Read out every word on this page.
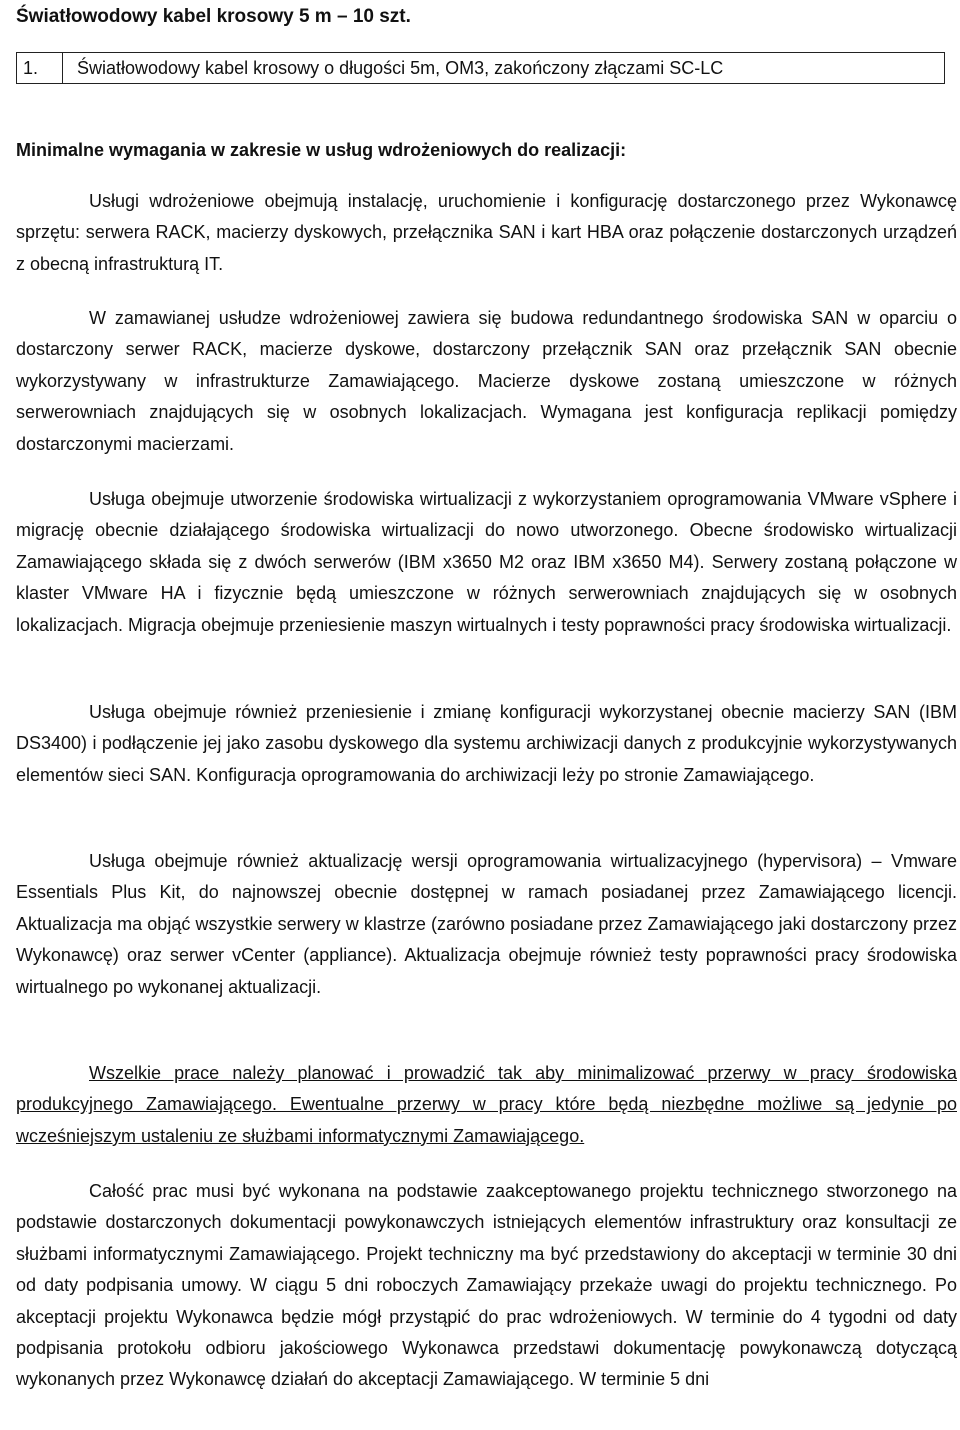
Światłowodowy kabel krosowy 5 m – 10 szt.
1.	Światłowodowy kabel krosowy o długości 5m, OM3, zakończony złączami SC-LC
Minimalne wymagania w zakresie w usług wdrożeniowych do realizacji:

Usługi wdrożeniowe obejmują instalację, uruchomienie i konfigurację dostarczonego przez Wykonawcę sprzętu: serwera RACK, macierzy dyskowych, przełącznika SAN i kart HBA oraz połączenie dostarczonych urządzeń z obecną infrastrukturą IT.

W zamawianej usłudze wdrożeniowej zawiera się budowa redundantnego środowiska SAN w oparciu o dostarczony serwer RACK, macierze dyskowe, dostarczony przełącznik SAN oraz przełącznik SAN obecnie wykorzystywany w infrastrukturze Zamawiającego. Macierze dyskowe zostaną umieszczone w różnych serwerowniach znajdujących się w osobnych lokalizacjach. Wymagana jest konfiguracja replikacji pomiędzy dostarczonymi macierzami.

Usługa obejmuje utworzenie środowiska wirtualizacji z wykorzystaniem oprogramowania VMware vSphere i migrację obecnie działającego środowiska wirtualizacji do nowo utworzonego. Obecne środowisko wirtualizacji Zamawiającego składa się z dwóch serwerów (IBM x3650 M2 oraz IBM x3650 M4). Serwery zostaną połączone w klaster VMware HA i fizycznie będą umieszczone w różnych serwerowniach znajdujących się w osobnych lokalizacjach. Migracja obejmuje przeniesienie maszyn wirtualnych i testy poprawności pracy środowiska wirtualizacji.

Usługa obejmuje również przeniesienie i zmianę konfiguracji wykorzystanej obecnie macierzy SAN (IBM DS3400) i podłączenie jej jako zasobu dyskowego dla systemu archiwizacji danych z produkcyjnie wykorzystywanych elementów sieci SAN. Konfiguracja oprogramowania do archiwizacji leży po stronie Zamawiającego.

Usługa obejmuje również aktualizację wersji oprogramowania wirtualizacyjnego (hypervisora) – Vmware Essentials Plus Kit, do najnowszej obecnie dostępnej w ramach posiadanej przez Zamawiającego licencji. Aktualizacja ma objąć wszystkie serwery w klastrze (zarówno posiadane przez Zamawiającego jaki dostarczony przez Wykonawcę) oraz serwer vCenter (appliance). Aktualizacja obejmuje również testy poprawności pracy środowiska wirtualnego po wykonanej aktualizacji.

Wszelkie prace należy planować i prowadzić tak aby minimalizować przerwy w pracy środowiska produkcyjnego Zamawiającego. Ewentualne przerwy w pracy które będą niezbędne możliwe są jedynie po wcześniejszym ustaleniu ze służbami informatycznymi Zamawiającego.

Całość prac musi być wykonana na podstawie zaakceptowanego projektu technicznego stworzonego na podstawie dostarczonych dokumentacji powykonawczych istniejących elementów infrastruktury oraz konsultacji ze służbami informatycznymi Zamawiającego. Projekt techniczny ma być przedstawiony do akceptacji w terminie 30 dni od daty podpisania umowy. W ciągu 5 dni roboczych Zamawiający przekaże uwagi do projektu technicznego. Po akceptacji projektu Wykonawca będzie mógł przystąpić do prac wdrożeniowych. W terminie do 4 tygodni od daty podpisania protokołu odbioru jakościowego Wykonawca przedstawi dokumentację powykonawczą dotyczącą wykonanych przez Wykonawcę działań do akceptacji Zamawiającego. W terminie 5 dni
